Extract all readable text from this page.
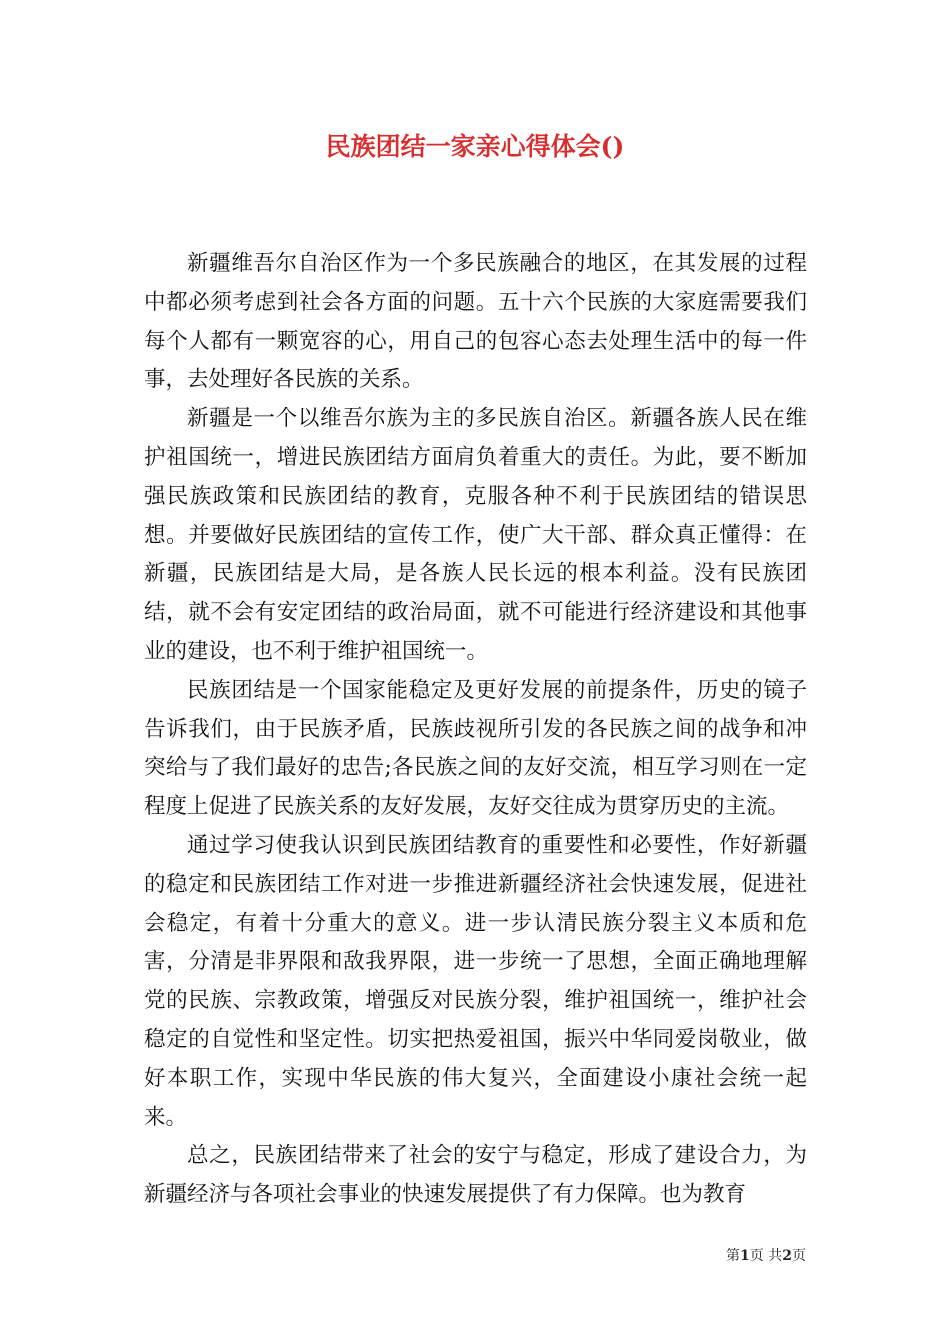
民族团结一家亲心得体会()

新疆维吾尔自治区作为一个多民族融合的地区，在其发展的过程中都必须考虑到社会各方面的问题。五十六个民族的大家庭需要我们每个人都有一颗宽容的心，用自己的包容心态去处理生活中的每一件事，去处理好各民族的关系。

新疆是一个以维吾尔族为主的多民族自治区。新疆各族人民在维护祖国统一，增进民族团结方面肩负着重大的责任。为此，要不断加强民族政策和民族团结的教育，克服各种不利于民族团结的错误思想。并要做好民族团结的宣传工作，使广大干部、群众真正懂得：在新疆，民族团结是大局，是各族人民长远的根本利益。没有民族团结，就不会有安定团结的政治局面，就不可能进行经济建设和其他事业的建设，也不利于维护祖国统一。

民族团结是一个国家能稳定及更好发展的前提条件，历史的镜子告诉我们，由于民族矛盾，民族歧视所引发的各民族之间的战争和冲突给与了我们最好的忠告;各民族之间的友好交流，相互学习则在一定程度上促进了民族关系的友好发展，友好交往成为贯穿历史的主流。

通过学习使我认识到民族团结教育的重要性和必要性，作好新疆的稳定和民族团结工作对进一步推进新疆经济社会快速发展，促进社会稳定，有着十分重大的意义。进一步认清民族分裂主义本质和危害，分清是非界限和敌我界限，进一步统一了思想，全面正确地理解党的民族、宗教政策，增强反对民族分裂，维护祖国统一，维护社会稳定的自觉性和坚定性。切实把热爱祖国，振兴中华同爱岗敬业，做好本职工作，实现中华民族的伟大复兴，全面建设小康社会统一起来。

总之，民族团结带来了社会的安宁与稳定，形成了建设合力，为新疆经济与各项社会事业的快速发展提供了有力保障。也为教育

第1页 共2页
